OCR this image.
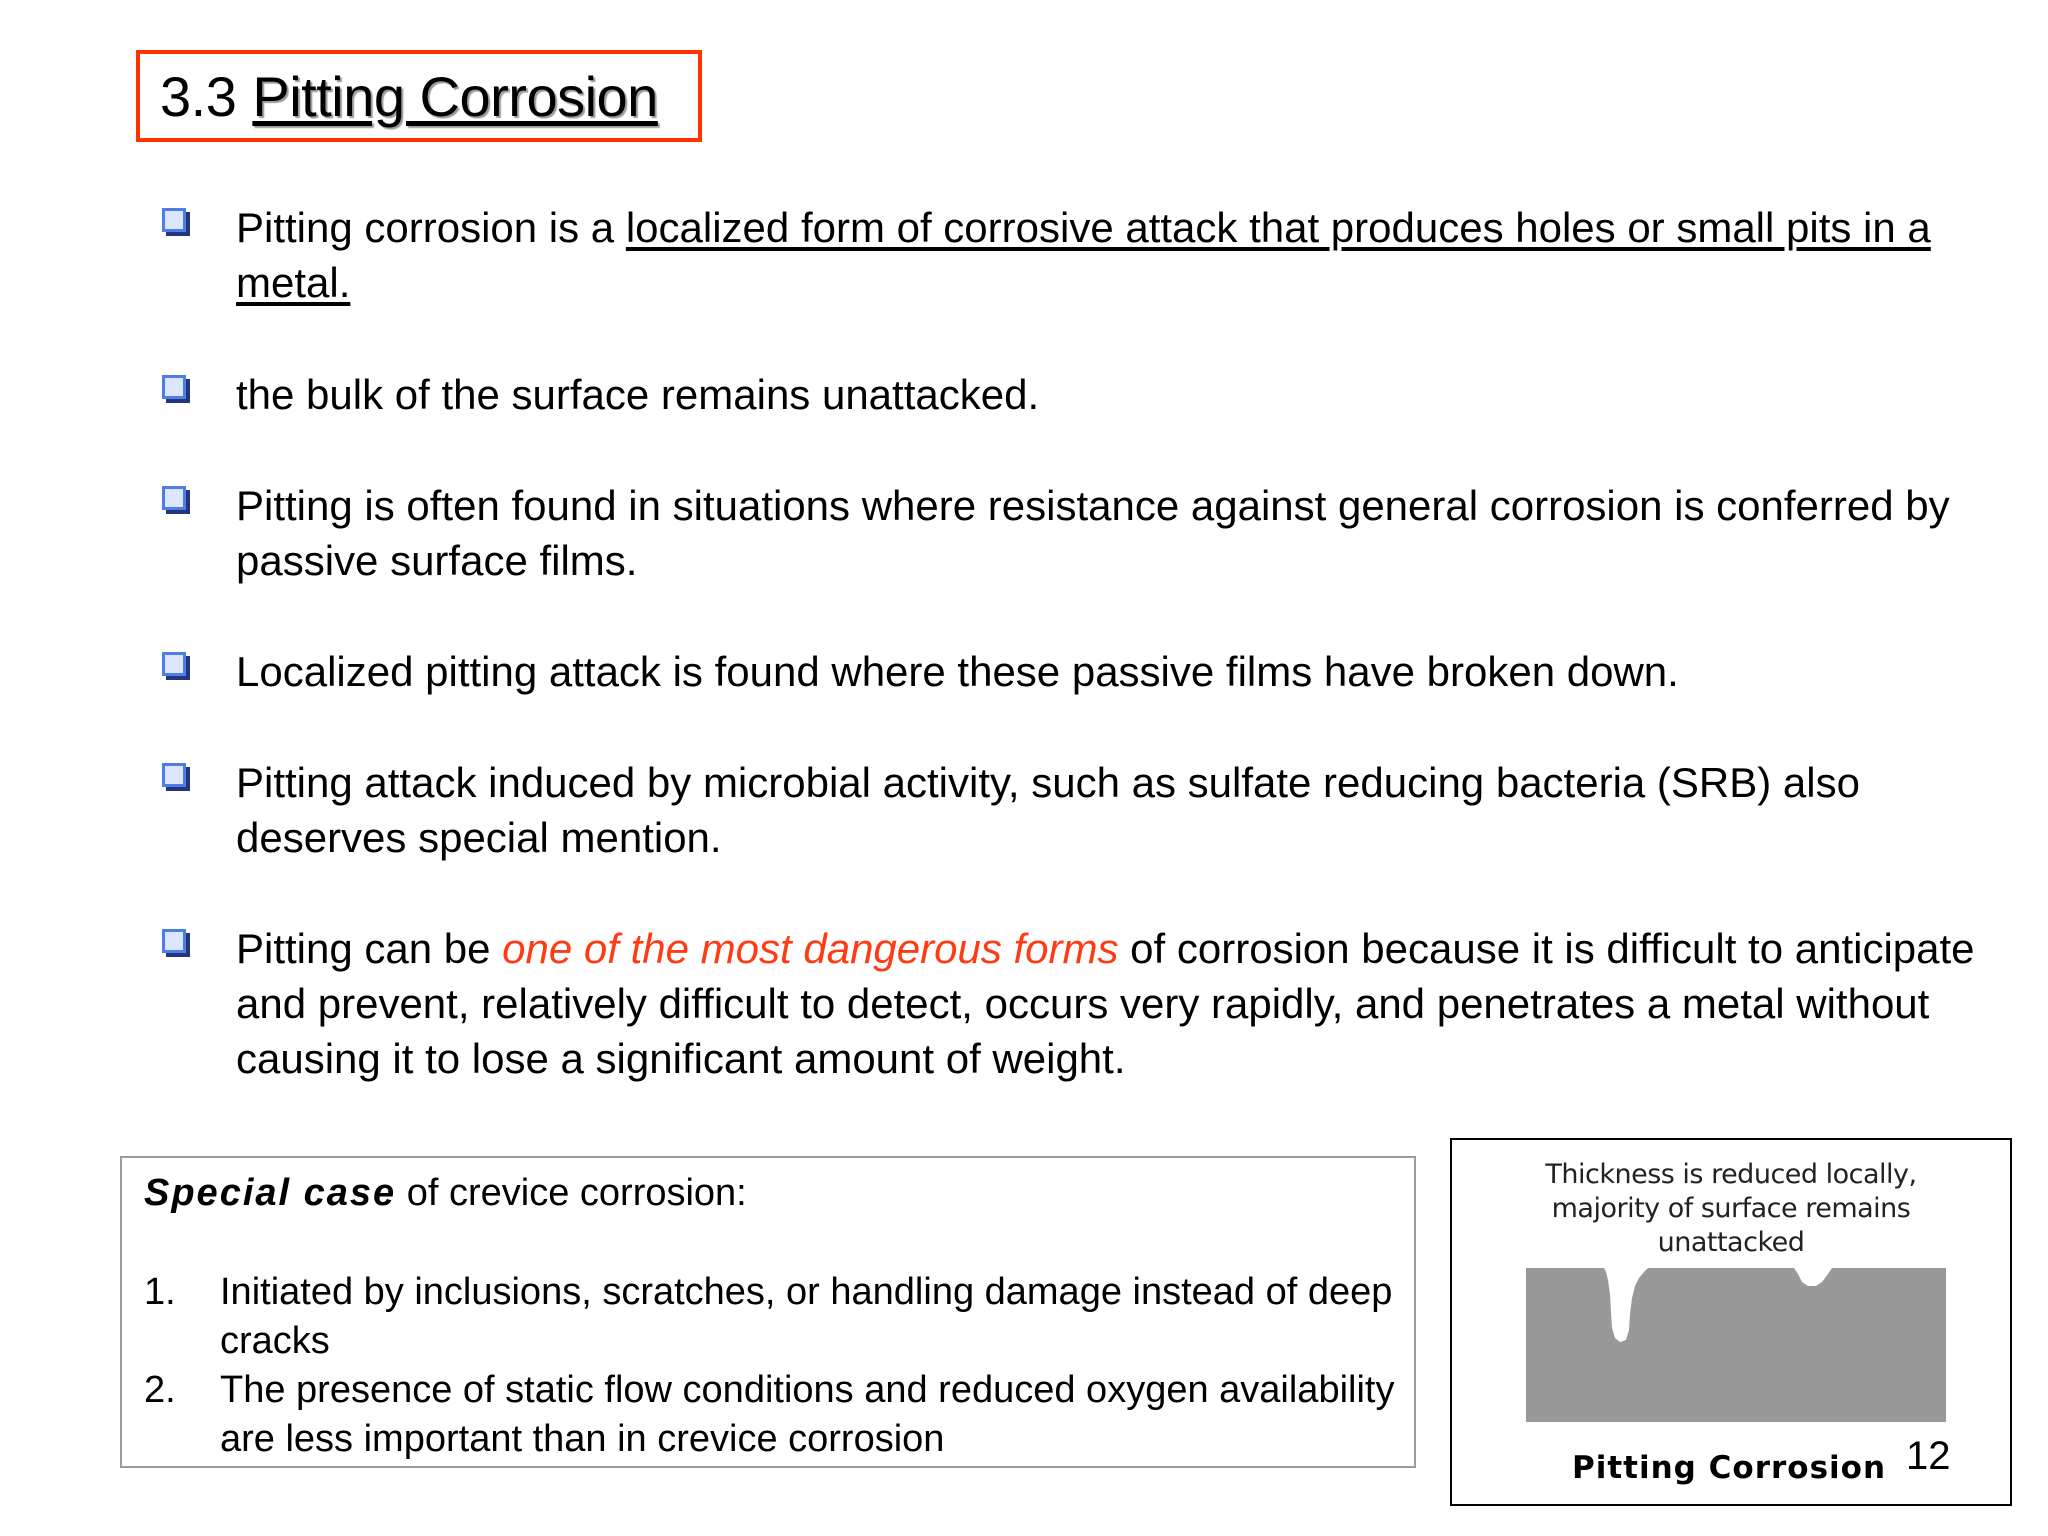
3.3 Pitting Corrosion
Pitting corrosion is a localized form of corrosive attack that produces holes or small pits in a metal.
the bulk of the surface remains unattacked.
Pitting is often found in situations where resistance against general corrosion is conferred by passive surface films.
Localized pitting attack is found where these passive films have broken down.
Pitting attack induced by microbial activity, such as sulfate reducing bacteria (SRB) also deserves special mention.
Pitting can be one of the most dangerous forms of corrosion because it is difficult to anticipate and prevent, relatively difficult to detect, occurs very rapidly, and penetrates a metal without causing it to lose a significant amount of weight.
Special case of crevice corrosion:
1. Initiated by inclusions, scratches, or handling damage instead of deep cracks
2. The presence of static flow conditions and reduced oxygen availability are less important than in crevice corrosion
Thickness is reduced locally,
majority of surface remains
unattacked
Pitting Corrosion 12
